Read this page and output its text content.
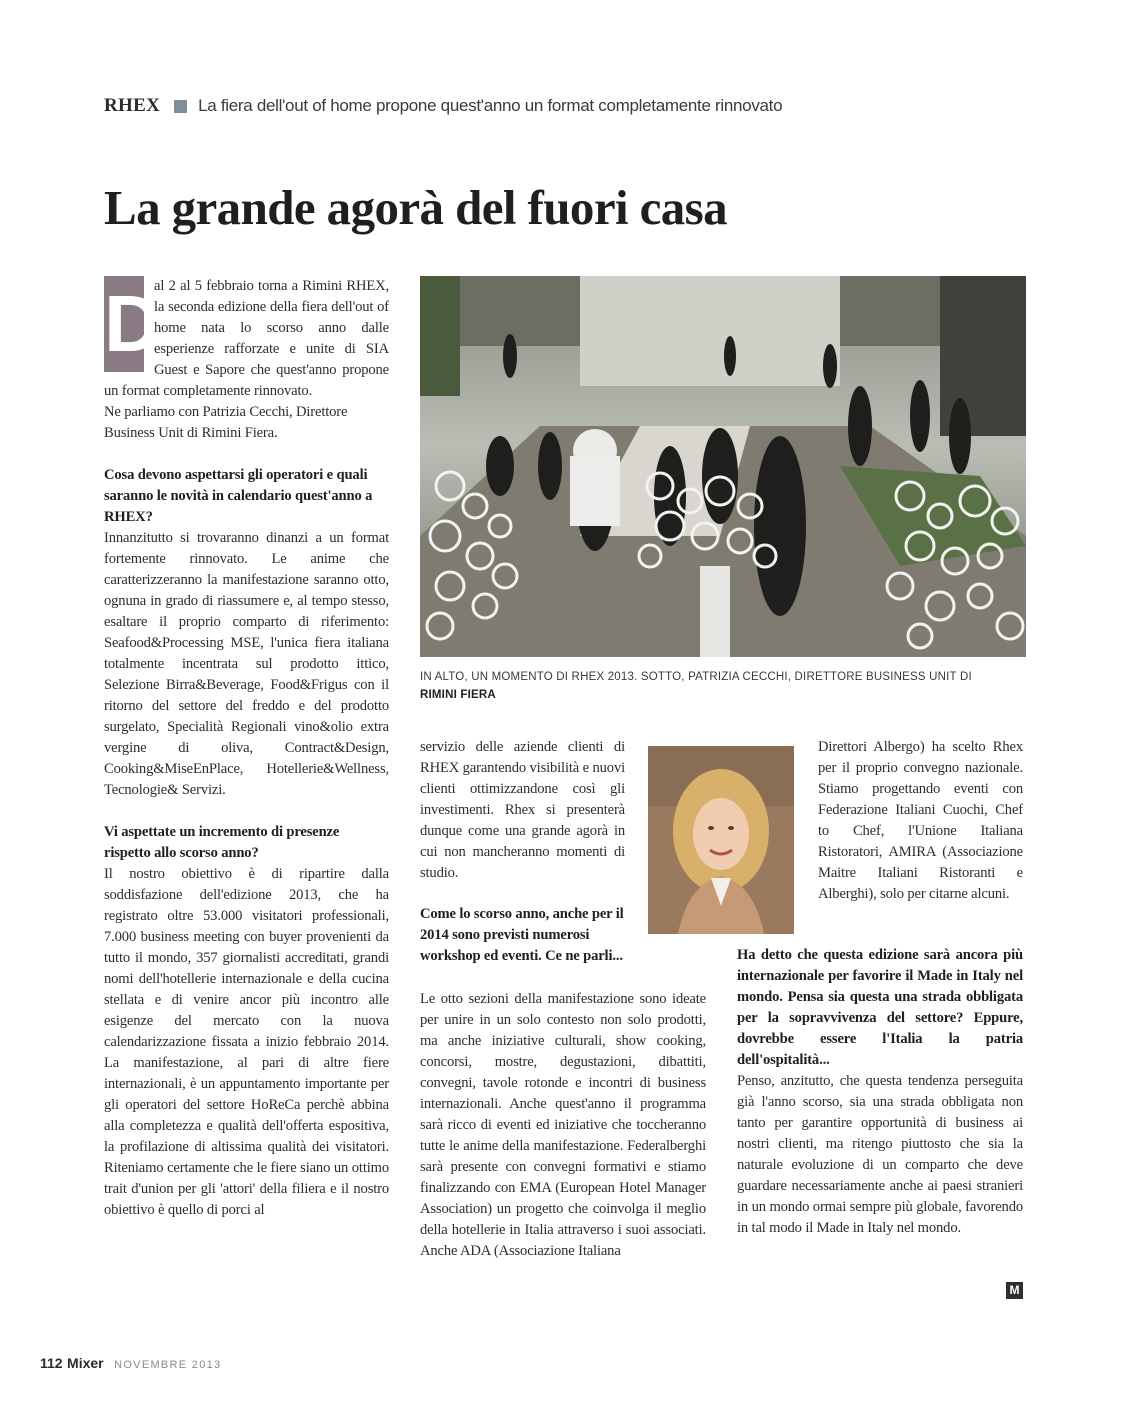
RHEX La fiera dell'out of home propone quest'anno un format completamente rinnovato
La grande agorà del fuori casa
D

al 2 al 5 febbraio torna a Rimini RHEX, la seconda edizione della fiera dell'out of home nata lo scorso anno dalle esperienze rafforzate e unite di SIA Guest e Sapore che quest'anno propone un format completamente rinnovato.

Ne parliamo con Patrizia Cecchi, Direttore Business Unit di Rimini Fiera.

Cosa devono aspettarsi gli operatori e quali saranno le novità in calendario quest'anno a RHEX?

Innanzitutto si trovaranno dinanzi a un format fortemente rinnovato. Le anime che caratterizzeranno la manifestazione saranno otto, ognuna in grado di riassumere e, al tempo stesso, esaltare il proprio comparto di riferimento: Seafood&Processing MSE, l'unica fiera italiana totalmente incentrata sul prodotto ittico, Selezione Birra&Beverage, Food&Frigus con il ritorno del settore del freddo e del prodotto surgelato, Specialità Regionali vino&olio extra vergine di oliva, Contract&Design, Cooking&MiseEnPlace, Hotellerie&Wellness, Tecnologie& Servizi.

Vi aspettate un incremento di presenze rispetto allo scorso anno?

Il nostro obiettivo è di ripartire dalla soddisfazione dell'edizione 2013, che ha registrato oltre 53.000 visitatori professionali, 7.000 business meeting con buyer provenienti da tutto il mondo, 357 giornalisti accreditati, grandi nomi dell'hotellerie internazionale e della cucina stellata e di venire ancor più incontro alle esigenze del mercato con la nuova calendarizzazione fissata a inizio febbraio 2014. La manifestazione, al pari di altre fiere internazionali, è un appuntamento importante per gli operatori del settore HoReCa perchè abbina alla completezza e qualità dell'offerta espositiva, la profilazione di altissima qualità dei visitatori. Riteniamo certamente che le fiere siano un ottimo trait d'union per gli 'attori' della filiera e il nostro obiettivo è quello di porci al

IN ALTO, UN MOMENTO DI RHEX 2013. SOTTO, PATRIZIA CECCHI, DIRETTORE BUSINESS UNIT DI
RIMINI FIERA

servizio delle aziende clienti di RHEX garantendo visibilità e nuovi clienti ottimizzandone così gli investimenti. Rhex si presenterà dunque come una grande agorà in cui non mancheranno momenti di studio.

Come lo scorso anno, anche per il 2014 sono previsti numerosi workshop ed eventi. Ce ne parli...

Le otto sezioni della manifestazione sono ideate per unire in un solo contesto non solo prodotti, ma anche iniziative culturali, show cooking, concorsi, mostre, degustazioni, dibattiti, convegni, tavole rotonde e incontri di business internazionali. Anche quest'anno il programma sarà ricco di eventi ed iniziative che toccheranno tutte le anime della manifestazione. Federalberghi sarà presente con convegni formativi e stiamo finalizzando con EMA (European Hotel Manager Association) un progetto che coinvolga il meglio della hotellerie in Italia attraverso i suoi associati. Anche ADA (Associazione Italiana

Direttori Albergo) ha scelto Rhex per il proprio convegno nazionale. Stiamo progettando eventi con Federazione Italiani Cuochi, Chef to Chef, l'Unione Italiana Ristoratori, AMIRA (Associazione Maitre Italiani Ristoranti e Alberghi), solo per citarne alcuni.

Ha detto che questa edizione sarà ancora più internazionale per favorire il Made in Italy nel mondo. Pensa sia questa una strada obbligata per la sopravvivenza del settore? Eppure, dovrebbe essere l'Italia la patria dell'ospitalità...

Penso, anzitutto, che questa tendenza perseguita già l'anno scorso, sia una strada obbligata non tanto per garantire opportunità di business ai nostri clienti, ma ritengo piuttosto che sia la naturale evoluzione di un comparto che deve guardare necessariamente anche ai paesi stranieri in un mondo ormai sempre più globale, favorendo in tal modo il Made in Italy nel mondo.

M
112 Mixer NOVEMBRE 2013
